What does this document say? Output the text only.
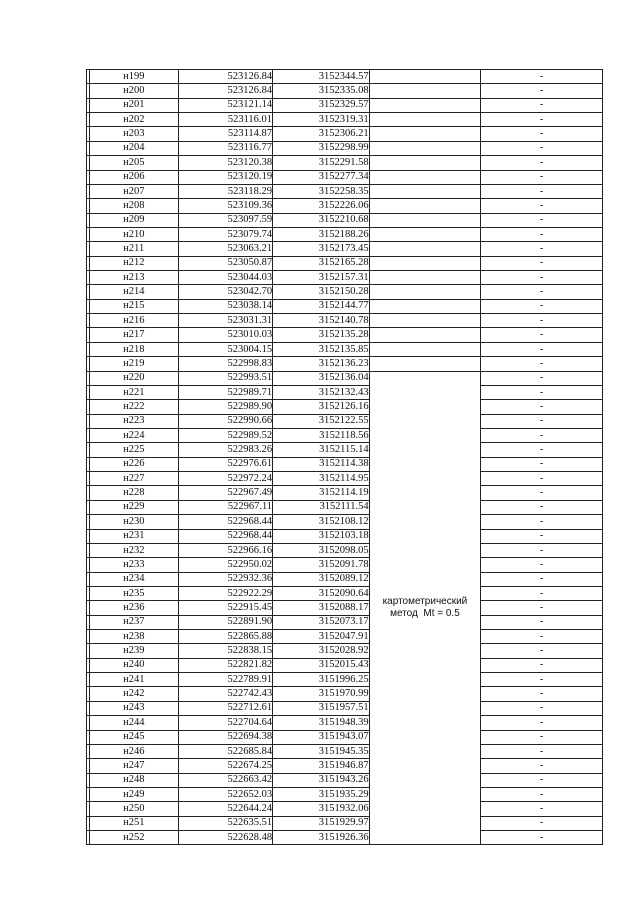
	н199	523126.84	3152344.57		-
	н200	523126.84	3152335.08		-
	н201	523121.14	3152329.57		-
	н202	523116.01	3152319.31		-
	н203	523114.87	3152306.21		-
	н204	523116.77	3152298.99		-
	н205	523120.38	3152291.58		-
	н206	523120.19	3152277.34		-
	н207	523118.29	3152258.35		-
	н208	523109.36	3152226.06		-
	н209	523097.59	3152210.68		-
	н210	523079.74	3152188.26		-
	н211	523063.21	3152173.45		-
	н212	523050.87	3152165.28		-
	н213	523044.03	3152157.31		-
	н214	523042.70	3152150.28		-
	н215	523038.14	3152144.77		-
	н216	523031.31	3152140.78		-
	н217	523010.03	3152135.28		-
	н218	523004.15	3152135.85		-
	н219	522998.83	3152136.23		-
	н220	522993.51	3152136.04	картометрический
метод  Mt = 0.5	-
	н221	522989.71	3152132.43		-
	н222	522989.90	3152126.16		-
	н223	522990.66	3152122.55		-
	н224	522989.52	3152118.56		-
	н225	522983.26	3152115.14		-
	н226	522976.61	3152114.38		-
	н227	522972.24	3152114.95		-
	н228	522967.49	3152114.19		-
	н229	522967.11	3152111.54		-
	н230	522968.44	3152108.12		-
	н231	522968.44	3152103.18		-
	н232	522966.16	3152098.05		-
	н233	522950.02	3152091.78		-
	н234	522932.36	3152089.12		-
	н235	522922.29	3152090.64		-
	н236	522915.45	3152088.17		-
	н237	522891.90	3152073.17		-
	н238	522865.88	3152047.91		-
	н239	522838.15	3152028.92		-
	н240	522821.82	3152015.43		-
	н241	522789.91	3151996.25		-
	н242	522742.43	3151970.99		-
	н243	522712.61	3151957.51		-
	н244	522704.64	3151948.39		-
	н245	522694.38	3151943.07		-
	н246	522685.84	3151945.35		-
	н247	522674.25	3151946.87		-
	н248	522663.42	3151943.26		-
	н249	522652.03	3151935.29		-
	н250	522644.24	3151932.06		-
	н251	522635.51	3151929.97		-
	н252	522628.48	3151926.36		-
